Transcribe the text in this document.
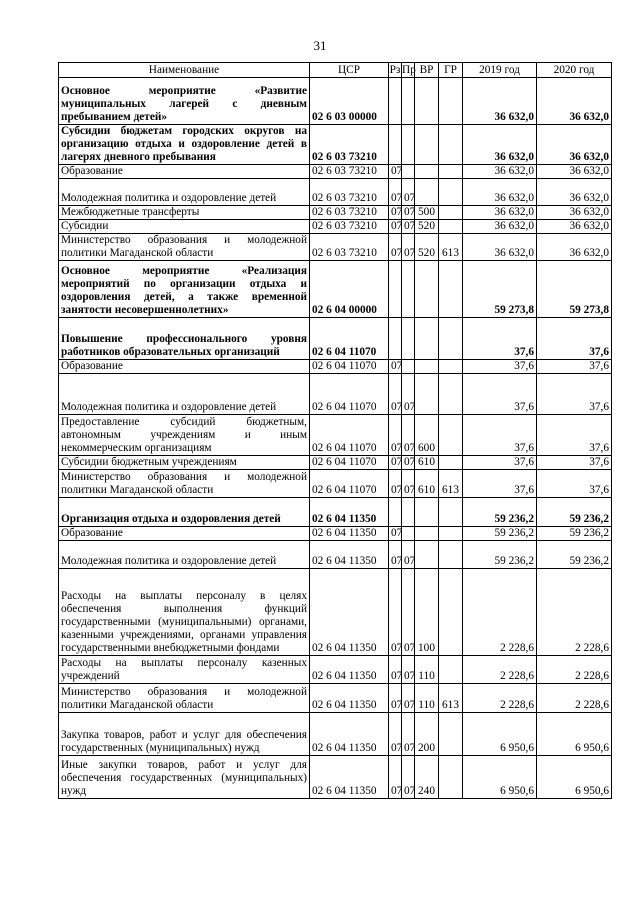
31
Наименование	ЦСР	Рз	Пр	ВР	ГР	2019 год	2020 год
Основное мероприятие «Развитие муниципальных лагерей с дневным пребыванием детей»	02 6 03 00000					36 632,0	36 632,0
Субсидии бюджетам городских округов на организацию отдыха и оздоровление детей в лагерях дневного пребывания	02 6 03 73210					36 632,0	36 632,0
Образование	02 6 03 73210	07				36 632,0	36 632,0
Молодежная политика и оздоровление детей	02 6 03 73210	07	07			36 632,0	36 632,0
Межбюджетные трансферты	02 6 03 73210	07	07	500		36 632,0	36 632,0
Субсидии	02 6 03 73210	07	07	520		36 632,0	36 632,0
Министерство образования и молодежной политики Магаданской области	02 6 03 73210	07	07	520	613	36 632,0	36 632,0
Основное мероприятие «Реализация мероприятий по организации отдыха и оздоровления детей, а также временной занятости несовершеннолетних»	02 6 04 00000					59 273,8	59 273,8
Повышение профессионального уровня работников образовательных организаций	02 6 04 11070					37,6	37,6
Образование	02 6 04 11070	07				37,6	37,6
Молодежная политика и оздоровление детей	02 6 04 11070	07	07			37,6	37,6
Предоставление субсидий бюджетным, автономным учреждениям и иным некоммерческим организациям	02 6 04 11070	07	07	600		37,6	37,6
Субсидии бюджетным учреждениям	02 6 04 11070	07	07	610		37,6	37,6
Министерство образования и молодежной политики Магаданской области	02 6 04 11070	07	07	610	613	37,6	37,6
Организация отдыха и оздоровления детей	02 6 04 11350					59 236,2	59 236,2
Образование	02 6 04 11350	07				59 236,2	59 236,2
Молодежная политика и оздоровление детей	02 6 04 11350	07	07			59 236,2	59 236,2
Расходы на выплаты персоналу в целях обеспечения выполнения функций государственными (муниципальными) органами, казенными учреждениями, органами управления государственными внебюджетными фондами	02 6 04 11350	07	07	100		2 228,6	2 228,6
Расходы на выплаты персоналу казенных учреждений	02 6 04 11350	07	07	110		2 228,6	2 228,6
Министерство образования и молодежной политики Магаданской области	02 6 04 11350	07	07	110	613	2 228,6	2 228,6
Закупка товаров, работ и услуг для обеспечения государственных (муниципальных) нужд	02 6 04 11350	07	07	200		6 950,6	6 950,6
Иные закупки товаров, работ и услуг для обеспечения государственных (муниципальных) нужд	02 6 04 11350	07	07	240		6 950,6	6 950,6
